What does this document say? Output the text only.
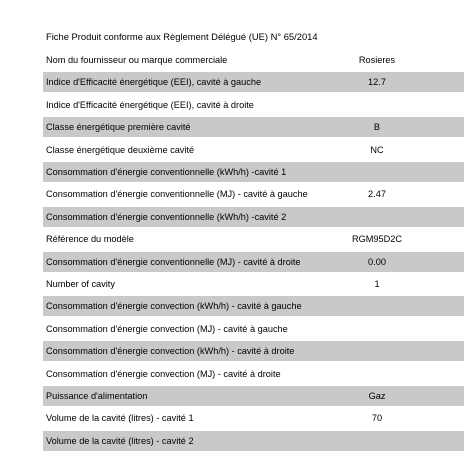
Fiche Produit conforme aux Règlement Délégué (UE) N° 65/2014
Nom du fournisseur ou marque commerciale	Rosieres
Indice d'Efficacité énergétique (EEI), cavité à gauche	12.7
Indice d'Efficacité énergétique (EEI), cavité à droite
Classe énergétique première cavité	B
Classe énergétique deuxième cavité	NC
Consommation d'énergie conventionnelle (kWh/h) -cavité 1
Consommation d'énergie conventionnelle (MJ) - cavité à gauche	2.47
Consommation d'énergie conventionnelle (kWh/h) -cavité 2
Référence du modèle	RGM95D2C
Consommation d'énergie conventionnelle (MJ) - cavité à droite	0.00
Number of cavity	1
Consommation d'énergie convection (kWh/h) - cavité à gauche
Consommation d'énergie convection (MJ) - cavité à gauche
Consommation d'énergie convection (kWh/h) - cavité à droite
Consommation d'énergie convection (MJ) - cavité à droite
Puissance d'alimentation	Gaz
Volume de la cavité (litres) - cavité 1	70
Volume de la cavité (litres) - cavité 2
